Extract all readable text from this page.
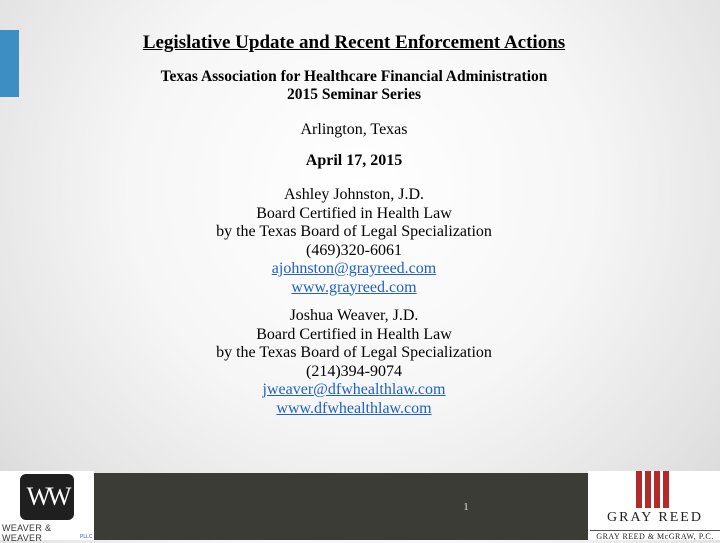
Legislative Update and Recent Enforcement Actions
Texas Association for Healthcare Financial Administration
2015 Seminar Series
Arlington, Texas
April 17, 2015
Ashley Johnston, J.D.
Board Certified in Health Law
by the Texas Board of Legal Specialization
(469)320-6061
ajohnston@grayreed.com
www.grayreed.com
Joshua Weaver, J.D.
Board Certified in Health Law
by the Texas Board of Legal Specialization
(214)394-9074
jweaver@dfwhealthlaw.com
www.dfwhealthlaw.com
WW
WEAVER & WEAVER	PLLC
1
GRAY REED
GRAY REED & McGRAW, P.C.
